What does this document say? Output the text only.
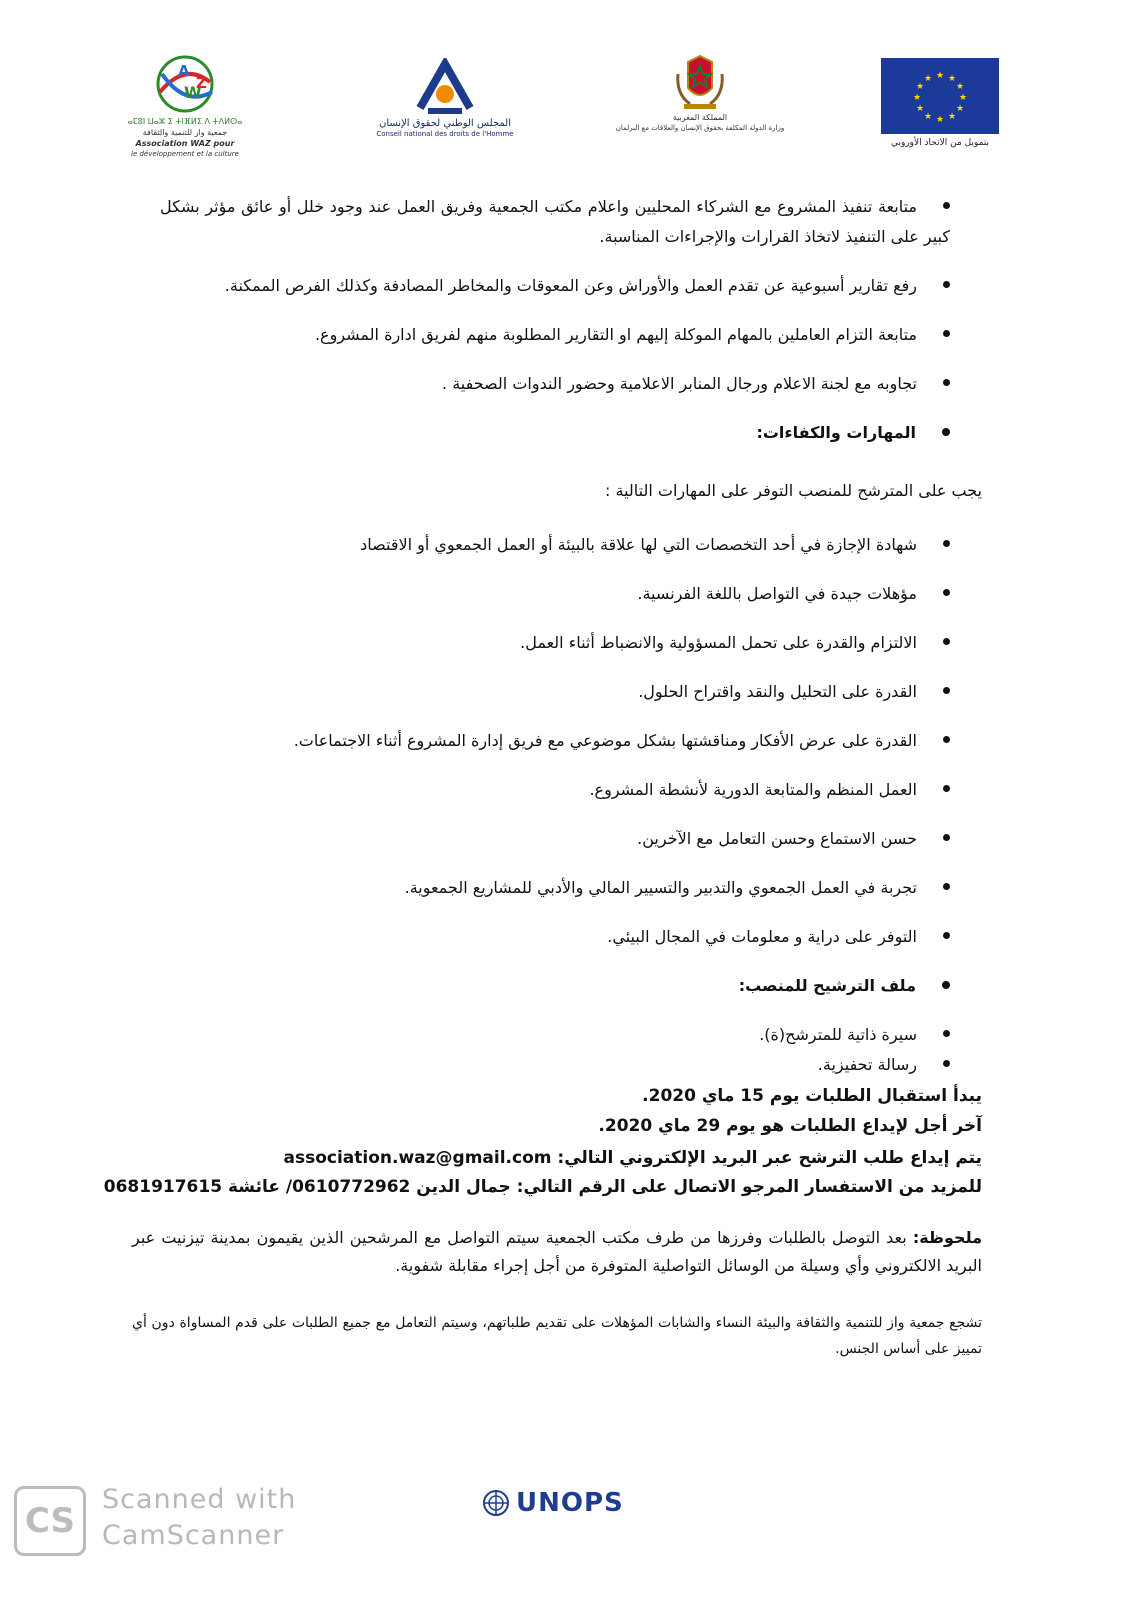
A
W
Z
ⴰⵎⵓⵏ ⵡⴰⵣ ⵉ ⵜⵏⴼⵍⵉ ⴷ ⵜⴷⵍⵙⴰ
جمعية واز للتنمية والثقافة
Association WAZ pour
le développement et la culture
المجلس الوطني لحقوق الإنسان
Conseil national des droits de l'Homme
المملكة المغربية
وزارة الدولة المكلفة بحقوق الإنسان والعلاقات مع البرلمان
★ ★
★
★
★
★
★
★
★
★
★
★
بتمويل من الاتحاد الأوروبي
متابعة تنفيذ المشروع مع الشركاء المحليين واعلام مكتب الجمعية وفريق العمل عند وجود خلل أو عائق مؤثر بشكل كبير على التنفيذ لاتخاذ القرارات والإجراءات المناسبة.
رفع تقارير أسبوعية عن تقدم العمل والأوراش وعن المعوقات والمخاطر المصادفة وكذلك الفرص الممكنة.
متابعة التزام العاملين بالمهام الموكلة إليهم او التقارير المطلوبة منهم لفريق ادارة المشروع.
تجاوبه مع لجنة الاعلام ورجال المنابر الاعلامية وحضور الندوات الصحفية .
المهارات والكفاءات:
يجب على المترشح للمنصب التوفر على المهارات التالية :
شهادة الإجازة في أحد التخصصات التي لها علاقة بالبيئة أو العمل الجمعوي أو الاقتصاد
مؤهلات جيدة في التواصل باللغة الفرنسية.
الالتزام والقدرة على تحمل المسؤولية والانضباط أثناء العمل.
القدرة على التحليل والنقد واقتراح الحلول.
القدرة على عرض الأفكار ومناقشتها بشكل موضوعي مع فريق إدارة المشروع أثناء الاجتماعات.
العمل المنظم والمتابعة الدورية لأنشطة المشروع.
حسن الاستماع وحسن التعامل مع الآخرين.
تجربة في العمل الجمعوي والتدبير والتسيير المالي والأدبي للمشاريع الجمعوية.
التوفر على دراية و معلومات في المجال البيئي.
ملف الترشيح للمنصب:
سيرة ذاتية للمترشح(ة).
رسالة تحفيزية.
يبدأ استقبال الطلبات يوم 15 ماي 2020.
آخر أجل لإيداع الطلبات هو يوم 29 ماي 2020.
يتم إيداع طلب الترشح عبر البريد الإلكتروني التالي: association.waz@gmail.com
للمزيد من الاستفسار المرجو الاتصال على الرقم التالي: جمال الدين 0610772962/ عائشة 0681917615
ملحوظة: بعد التوصل بالطلبات وفرزها من طرف مكتب الجمعية سيتم التواصل مع المرشحين الذين يقيمون بمدينة تيزنيت عبر البريد الالكتروني وأي وسيلة من الوسائل التواصلية المتوفرة من أجل إجراء مقابلة شفوية.
تشجع جمعية واز للتنمية والثقافة والبيئة النساء والشابات المؤهلات على تقديم طلباتهم، وسيتم التعامل مع جميع الطلبات على قدم المساواة دون أي تمييز على أساس الجنس.
CS
Scanned with
CamScanner
UNOPS
